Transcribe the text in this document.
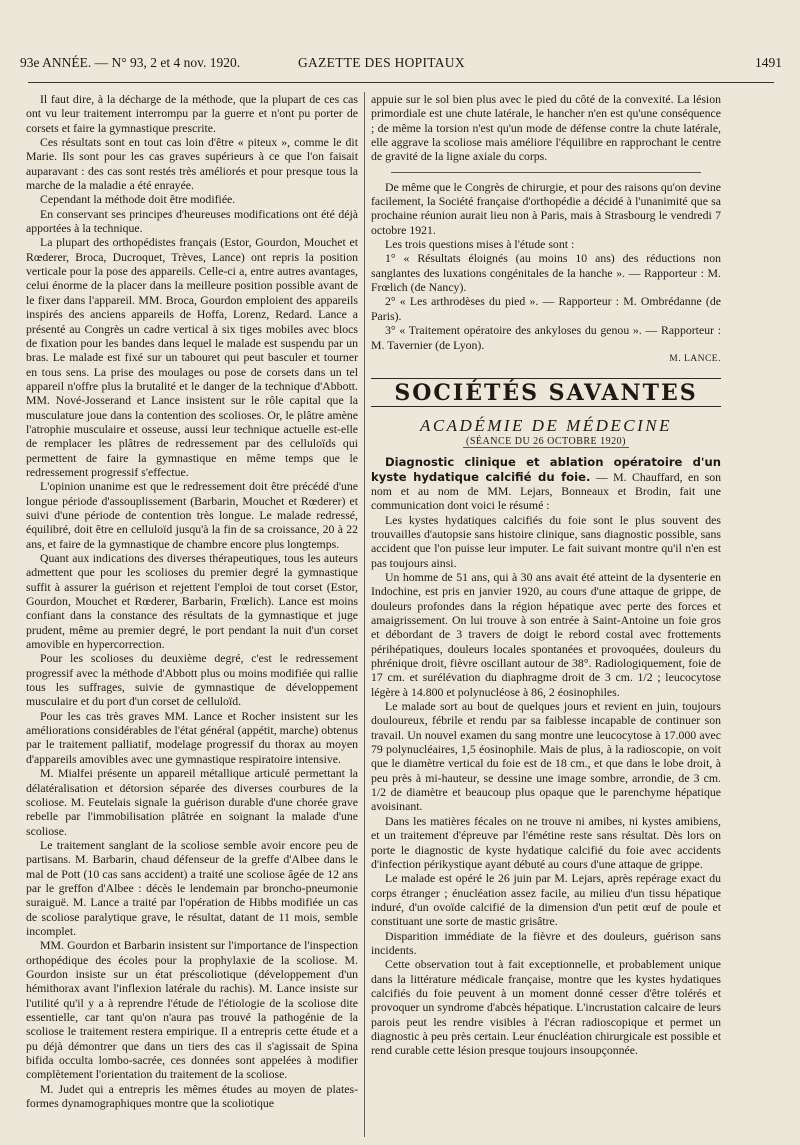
93e ANNÉE. — N° 93, 2 et 4 nov. 1920.	GAZETTE DES HOPITAUX	1491

Il faut dire, à la décharge de la méthode, que la plupart de ces cas ont vu leur traitement interrompu par la guerre et n'ont pu porter de corsets et faire la gymnastique prescrite.

Ces résultats sont en tout cas loin d'être « piteux », comme le dit Marie. Ils sont pour les cas graves supérieurs à ce que l'on faisait auparavant : des cas sont restés très améliorés et pour presque tous la marche de la maladie a été enrayée.

Cependant la méthode doit être modifiée.

En conservant ses principes d'heureuses modifications ont été déjà apportées à la technique.

La plupart des orthopédistes français (Estor, Gourdon, Mouchet et Rœderer, Broca, Ducroquet, Trèves, Lance) ont repris la position verticale pour la pose des appareils. Celle-ci a, entre autres avantages, celui énorme de la placer dans la meilleure position possible avant de le fixer dans l'appareil. MM. Broca, Gourdon emploient des appareils inspirés des anciens appareils de Hoffa, Lorenz, Redard. Lance a présenté au Congrès un cadre vertical à six tiges mobiles avec blocs de fixation pour les bandes dans lequel le malade est suspendu par un bras. Le malade est fixé sur un tabouret qui peut basculer et tourner en tous sens. La prise des moulages ou pose de corsets dans un tel appareil n'offre plus la brutalité et le danger de la technique d'Abbott. MM. Nové-Josserand et Lance insistent sur le rôle capital que la musculature joue dans la contention des scolioses. Or, le plâtre amène l'atrophie musculaire et osseuse, aussi leur technique actuelle est-elle de remplacer les plâtres de redressement par des celluloïds qui permettent de faire la gymnastique en même temps que le redressement progressif s'effectue.

L'opinion unanime est que le redressement doit être précédé d'une longue période d'assouplissement (Barbarin, Mouchet et Rœderer) et suivi d'une période de contention très longue. Le malade redressé, équilibré, doit être en celluloïd jusqu'à la fin de sa croissance, 20 à 22 ans, et faire de la gymnastique de chambre encore plus longtemps.

Quant aux indications des diverses thérapeutiques, tous les auteurs admettent que pour les scolioses du premier degré la gymnastique suffit à assurer la guérison et rejettent l'emploi de tout corset (Estor, Gourdon, Mouchet et Rœderer, Barbarin, Frœlich). Lance est moins confiant dans la constance des résultats de la gymnastique et juge prudent, même au premier degré, le port pendant la nuit d'un corset amovible en hypercorrection.

Pour les scolioses du deuxième degré, c'est le redressement progressif avec la méthode d'Abbott plus ou moins modifiée qui rallie tous les suffrages, suivie de gymnastique de développement musculaire et du port d'un corset de celluloïd.

Pour les cas très graves MM. Lance et Rocher insistent sur les améliorations considérables de l'état général (appétit, marche) obtenus par le traitement palliatif, modelage progressif du thorax au moyen d'appareils amovibles avec une gymnastique respiratoire intensive.

M. Mialfei présente un appareil métallique articulé permettant la délatéralisation et détorsion séparée des diverses courbures de la scoliose. M. Feutelais signale la guérison durable d'une chorée grave rebelle par l'immobilisation plâtrée en soignant la malade d'une scoliose.

Le traitement sanglant de la scoliose semble avoir encore peu de partisans. M. Barbarin, chaud défenseur de la greffe d'Albee dans le mal de Pott (10 cas sans accident) a traité une scoliose âgée de 12 ans par le greffon d'Albee : décès le lendemain par broncho-pneumonie suraiguë. M. Lance a traité par l'opération de Hibbs modifiée un cas de scoliose paralytique grave, le résultat, datant de 11 mois, semble incomplet.

MM. Gourdon et Barbarin insistent sur l'importance de l'inspection orthopédique des écoles pour la prophylaxie de la scoliose. M. Gourdon insiste sur un état préscoliotique (développement d'un hémithorax avant l'inflexion latérale du rachis). M. Lance insiste sur l'utilité qu'il y a à reprendre l'étude de l'étiologie de la scoliose dite essentielle, car tant qu'on n'aura pas trouvé la pathogénie de la scoliose le traitement restera empirique. Il a entrepris cette étude et a pu déjà démontrer que dans un tiers des cas il s'agissait de Spina bifida occulta lombo-sacrée, ces données sont appelées à modifier complètement l'orientation du traitement de la scoliose.

M. Judet qui a entrepris les mêmes études au moyen de plates-formes dynamographiques montre que la scoliotique

appuie sur le sol bien plus avec le pied du côté de la convexité. La lésion primordiale est une chute latérale, le hancher n'en est qu'une conséquence ; de même la torsion n'est qu'un mode de défense contre la chute latérale, elle aggrave la scoliose mais améliore l'équilibre en rapprochant le centre de gravité de la ligne axiale du corps.

De même que le Congrès de chirurgie, et pour des raisons qu'on devine facilement, la Société française d'orthopédie a décidé à l'unanimité que sa prochaine réunion aurait lieu non à Paris, mais à Strasbourg le vendredi 7 octobre 1921.

Les trois questions mises à l'étude sont :

1° « Résultats éloignés (au moins 10 ans) des réductions non sanglantes des luxations congénitales de la hanche ». — Rapporteur : M. Frœlich (de Nancy).

2° « Les arthrodèses du pied ». — Rapporteur : M. Ombrédanne (de Paris).

3° « Traitement opératoire des ankyloses du genou ». — Rapporteur : M. Tavernier (de Lyon).

M. LANCE.
SOCIÉTÉS SAVANTES
ACADÉMIE DE MÉDECINE
(SÉANCE DU 26 OCTOBRE 1920)

Diagnostic clinique et ablation opératoire d'un kyste hydatique calcifié du foie. — M. Chauffard, en son nom et au nom de MM. Lejars, Bonneaux et Brodin, fait une communication dont voici le résumé :

Les kystes hydatiques calcifiés du foie sont le plus souvent des trouvailles d'autopsie sans histoire clinique, sans diagnostic possible, sans accident que l'on puisse leur imputer. Le fait suivant montre qu'il n'en est pas toujours ainsi.

Un homme de 51 ans, qui à 30 ans avait été atteint de la dysenterie en Indochine, est pris en janvier 1920, au cours d'une attaque de grippe, de douleurs profondes dans la région hépatique avec perte des forces et amaigrissement. On lui trouve à son entrée à Saint-Antoine un foie gros et débordant de 3 travers de doigt le rebord costal avec frottements périhépatiques, douleurs locales spontanées et provoquées, douleurs du phrénique droit, fièvre oscillant autour de 38°. Radiologiquement, foie de 17 cm. et surélévation du diaphragme droit de 3 cm. 1/2 ; leucocytose légère à 14.800 et polynucléose à 86, 2 éosinophiles.

Le malade sort au bout de quelques jours et revient en juin, toujours douloureux, fébrile et rendu par sa faiblesse incapable de continuer son travail. Un nouvel examen du sang montre une leucocytose à 17.000 avec 79 polynucléaires, 1,5 éosinophile. Mais de plus, à la radioscopie, on voit que le diamètre vertical du foie est de 18 cm., et que dans le lobe droit, à peu près à mi-hauteur, se dessine une image sombre, arrondie, de 3 cm. 1/2 de diamètre et beaucoup plus opaque que le parenchyme hépatique avoisinant.

Dans les matières fécales on ne trouve ni amibes, ni kystes amibiens, et un traitement d'épreuve par l'émétine reste sans résultat. Dès lors on porte le diagnostic de kyste hydatique calcifié du foie avec accidents d'infection périkystique ayant débuté au cours d'une attaque de grippe.

Le malade est opéré le 26 juin par M. Lejars, après repérage exact du corps étranger ; énucléation assez facile, au milieu d'un tissu hépatique induré, d'un ovoïde calcifié de la dimension d'un petit œuf de poule et constituant une sorte de mastic grisâtre.

Disparition immédiate de la fièvre et des douleurs, guérison sans incidents.

Cette observation tout à fait exceptionnelle, et probablement unique dans la littérature médicale française, montre que les kystes hydatiques calcifiés du foie peuvent à un moment donné cesser d'être tolérés et provoquer un syndrome d'abcès hépatique. L'incrustation calcaire de leurs parois peut les rendre visibles à l'écran radioscopique et permet un diagnostic à peu près certain. Leur énucléation chirurgicale est possible et rend curable cette lésion presque toujours insoupçonnée.
